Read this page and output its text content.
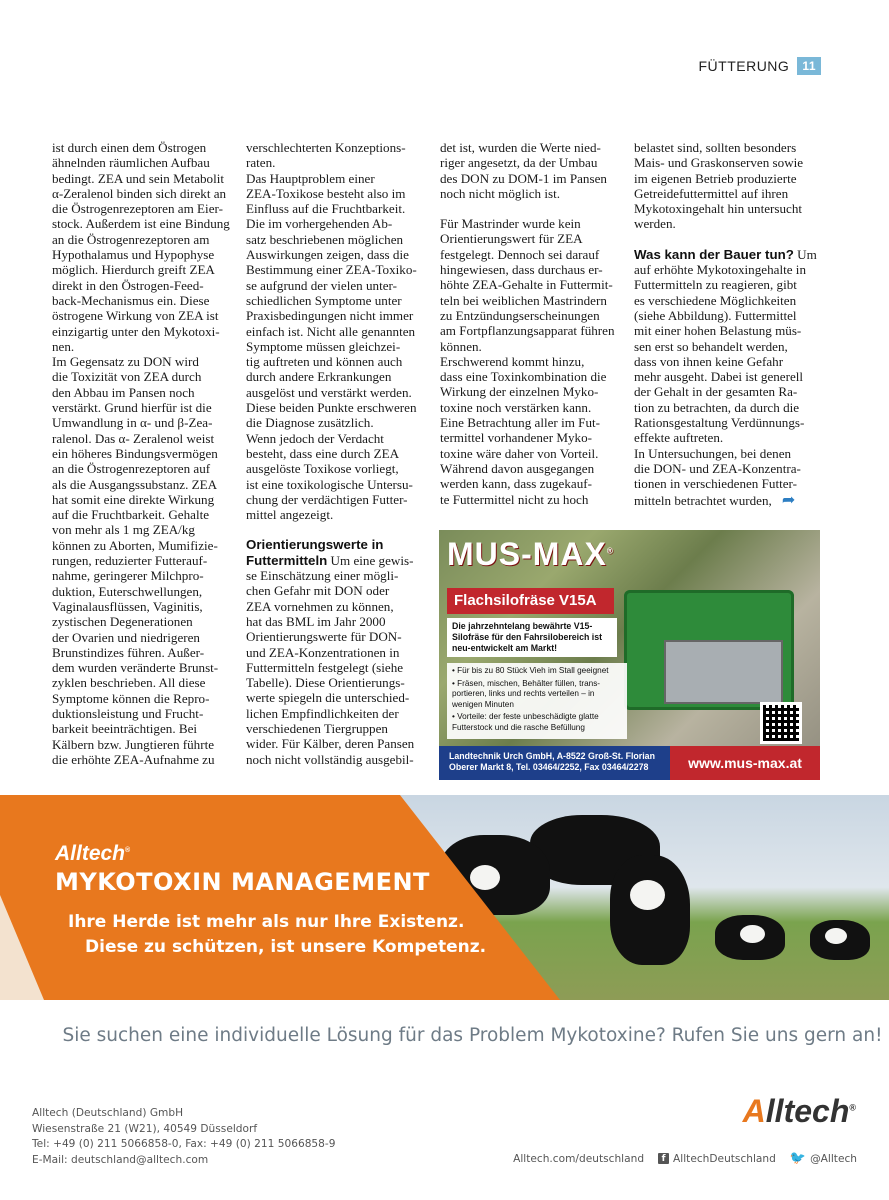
FÜTTERUNG	11

ist durch einen dem Östrogen
ähnelnden räumlichen Aufbau
bedingt. ZEA und sein Metabolit
α-Zeralenol binden sich direkt an
die Östrogenrezeptoren am Eier-
stock. Außerdem ist eine Bindung
an die Östrogenrezeptoren am
Hypothalamus und Hypophyse
möglich. Hierdurch greift ZEA
direkt in den Östrogen-Feed-
back-Mechanismus ein. Diese
östrogene Wirkung von ZEA ist
einzigartig unter den Mykotoxi-
nen.
Im Gegensatz zu DON wird
die Toxizität von ZEA durch
den Abbau im Pansen noch
verstärkt. Grund hierfür ist die
Umwandlung in α- und β-Zea-
ralenol. Das α- Zeralenol weist
ein höheres Bindungsvermögen
an die Östrogenrezeptoren auf
als die Ausgangssubstanz. ZEA
hat somit eine direkte Wirkung
auf die Fruchtbarkeit. Gehalte
von mehr als 1 mg ZEA/kg
können zu Aborten, Mumifizie-
rungen, reduzierter Futterauf-
nahme, geringerer Milchpro-
duktion, Euterschwellungen,
Vaginalausflüssen, Vaginitis,
zystischen Degenerationen
der Ovarien und niedrigeren
Brunstindizes führen. Außer-
dem wurden veränderte Brunst-
zyklen beschrieben. All diese
Symptome können die Repro-
duktionsleistung und Frucht-
barkeit beeinträchtigen. Bei
Kälbern bzw. Jungtieren führte
die erhöhte ZEA-Aufnahme zu

verschlechterten Konzeptions-
raten.
Das Hauptproblem einer
ZEA-Toxikose besteht also im
Einfluss auf die Fruchtbarkeit.
Die im vorhergehenden Ab-
satz beschriebenen möglichen
Auswirkungen zeigen, dass die
Bestimmung einer ZEA-Toxiko-
se aufgrund der vielen unter-
schiedlichen Symptome unter
Praxisbedingungen nicht immer
einfach ist. Nicht alle genannten
Symptome müssen gleichzei-
tig auftreten und können auch
durch andere Erkrankungen
ausgelöst und verstärkt werden.
Diese beiden Punkte erschweren
die Diagnose zusätzlich.
Wenn jedoch der Verdacht
besteht, dass eine durch ZEA
ausgelöste Toxikose vorliegt,
ist eine toxikologische Untersu-
chung der verdächtigen Futter-
mittel angezeigt.

Orientierungswerte in

Futtermitteln Um eine gewis-

se Einschätzung einer mögli-
chen Gefahr mit DON oder
ZEA vornehmen zu können,
hat das BML im Jahr 2000
Orientierungswerte für DON-
und ZEA-Konzentrationen in
Futtermitteln festgelegt (siehe
Tabelle). Diese Orientierungs-
werte spiegeln die unterschied-
lichen Empfindlichkeiten der
verschiedenen Tiergruppen
wider. Für Kälber, deren Pansen
noch nicht vollständig ausgebil-

det ist, wurden die Werte nied-
riger angesetzt, da der Umbau
des DON zu DOM-1 im Pansen
noch nicht möglich ist.

Für Mastrinder wurde kein
Orientierungswert für ZEA
festgelegt. Dennoch sei darauf
hingewiesen, dass durchaus er-
höhte ZEA-Gehalte in Futtermit-
teln bei weiblichen Mastrindern
zu Entzündungserscheinungen
am Fortpflanzungsapparat führen
können.
Erschwerend kommt hinzu,
dass eine Toxinkombination die
Wirkung der einzelnen Myko-
toxine noch verstärken kann.
Eine Betrachtung aller im Fut-
termittel vorhandener Myko-
toxine wäre daher von Vorteil.
Während davon ausgegangen
werden kann, dass zugekauf-
te Futtermittel nicht zu hoch

belastet sind, sollten besonders
Mais- und Graskonserven sowie
im eigenen Betrieb produzierte
Getreidefuttermittel auf ihren
Mykotoxingehalt hin untersucht
werden.

Was kann der Bauer tun? Um

auf erhöhte Mykotoxingehalte in
Futtermitteln zu reagieren, gibt
es verschiedene Möglichkeiten
(siehe Abbildung). Futtermittel
mit einer hohen Belastung müs-
sen erst so behandelt werden,
dass von ihnen keine Gefahr
mehr ausgeht. Dabei ist generell
der Gehalt in der gesamten Ra-
tion zu betrachten, da durch die
Rationsgestaltung Verdünnungs-
effekte auftreten.
In Untersuchungen, bei denen
die DON- und ZEA-Konzentra-
tionen in verschiedenen Futter-
mitteln betrachtet wurden, ➦

MUS-MAX®
Flachsilofräse V15A
Die jahrzehntelang bewährte V15-
Silofräse für den Fahrsilobereich ist
neu-entwickelt am Markt!
• Für bis zu 80 Stück Vieh im Stall geeignet
• Fräsen, mischen, Behälter füllen, trans-
portieren, links und rechts verteilen – in
wenigen Minuten
• Vorteile: der feste unbeschädigte glatte
Futterstock und die rasche Befüllung
Landtechnik Urch GmbH, A-8522 Groß-St. Florian
Oberer Markt 8, Tel. 03464/2252, Fax 03464/2278	www.mus-max.at
Alltech®
MYKOTOXIN MANAGEMENT
Ihre Herde ist mehr als nur Ihre Existenz.
Diese zu schützen, ist unsere Kompetenz.
Sie suchen eine individuelle Lösung für das Problem Mykotoxine? Rufen Sie uns gern an!
Alltech (Deutschland) GmbH
Wiesenstraße 21 (W21), 40549 Düsseldorf
Tel: +49 (0) 211 5066858-0, Fax: +49 (0) 211 5066858-9
E-Mail: deutschland@alltech.com
Alltech®
Alltech.com/deutschland	f AlltechDeutschland 🐦 @Alltech
